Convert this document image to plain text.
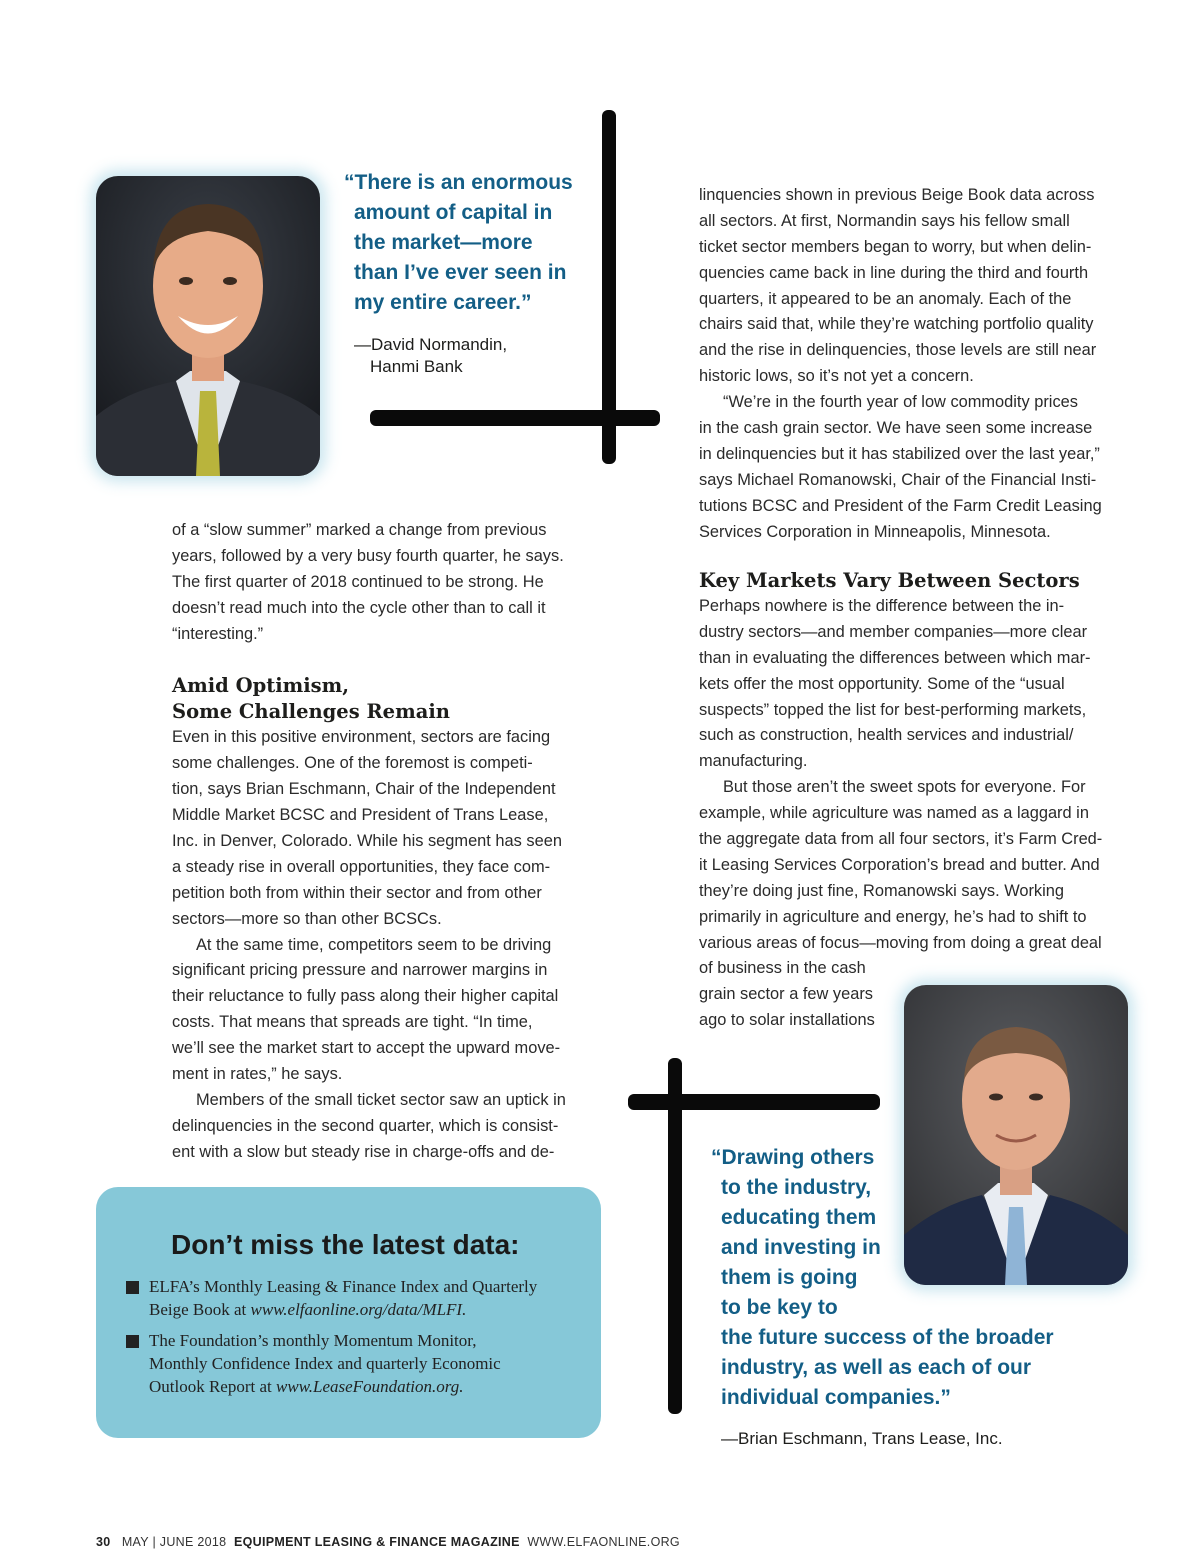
“There is an enormous
amount of capital in
the market—more
than I’ve ever seen in
my entire career.”
—David Normandin,
Hanmi Bank
linquencies shown in previous Beige Book data across
all sectors. At first, Normandin says his fellow small
ticket sector members began to worry, but when delin-
quencies came back in line during the third and fourth
quarters, it appeared to be an anomaly. Each of the
chairs said that, while they’re watching portfolio quality
and the rise in delinquencies, those levels are still near
historic lows, so it’s not yet a concern.
“We’re in the fourth year of low commodity prices
in the cash grain sector. We have seen some increase
in delinquencies but it has stabilized over the last year,”
says Michael Romanowski, Chair of the Financial Insti-
tutions BCSC and President of the Farm Credit Leasing
Services Corporation in Minneapolis, Minnesota.
Key Markets Vary Between Sectors
Perhaps nowhere is the difference between the in-
dustry sectors—and member companies—more clear
than in evaluating the differences between which mar-
kets offer the most opportunity. Some of the “usual
suspects” topped the list for best-performing markets,
such as construction, health services and industrial/
manufacturing.
But those aren’t the sweet spots for everyone. For
example, while agriculture was named as a laggard in
the aggregate data from all four sectors, it’s Farm Cred-
it Leasing Services Corporation’s bread and butter. And
they’re doing just fine, Romanowski says. Working
primarily in agriculture and energy, he’s had to shift to
various areas of focus—moving from doing a great deal
of business in the cash
grain sector a few years
ago to solar installations
of a “slow summer” marked a change from previous
years, followed by a very busy fourth quarter, he says.
The first quarter of 2018 continued to be strong. He
doesn’t read much into the cycle other than to call it
“interesting.”
Amid Optimism,
Some Challenges Remain
Even in this positive environment, sectors are facing
some challenges. One of the foremost is competi-
tion, says Brian Eschmann, Chair of the Independent
Middle Market BCSC and President of Trans Lease,
Inc. in Denver, Colorado. While his segment has seen
a steady rise in overall opportunities, they face com-
petition both from within their sector and from other
sectors—more so than other BCSCs.
At the same time, competitors seem to be driving
significant pricing pressure and narrower margins in
their reluctance to fully pass along their higher capital
costs. That means that spreads are tight. “In time,
we’ll see the market start to accept the upward move-
ment in rates,” he says.
Members of the small ticket sector saw an uptick in
delinquencies in the second quarter, which is consist-
ent with a slow but steady rise in charge-offs and de-	“Drawing others
to the industry,
educating them
and investing in
them is going
to be key to
the future success of the broader
industry, as well as each of our
individual companies.”
—Brian Eschmann, Trans Lease, Inc.
Don’t miss the latest data:
ELFA’s Monthly Leasing & Finance Index and Quarterly
Beige Book at www.elfaonline.org/data/MLFI.
The Foundation’s monthly Momentum Monitor,
Monthly Confidence Index and quarterly Economic
Outlook Report at www.LeaseFoundation.org.
30 MAY | JUNE 2018 EQUIPMENT LEASING & FINANCE MAGAZINE WWW.ELFAONLINE.ORG
